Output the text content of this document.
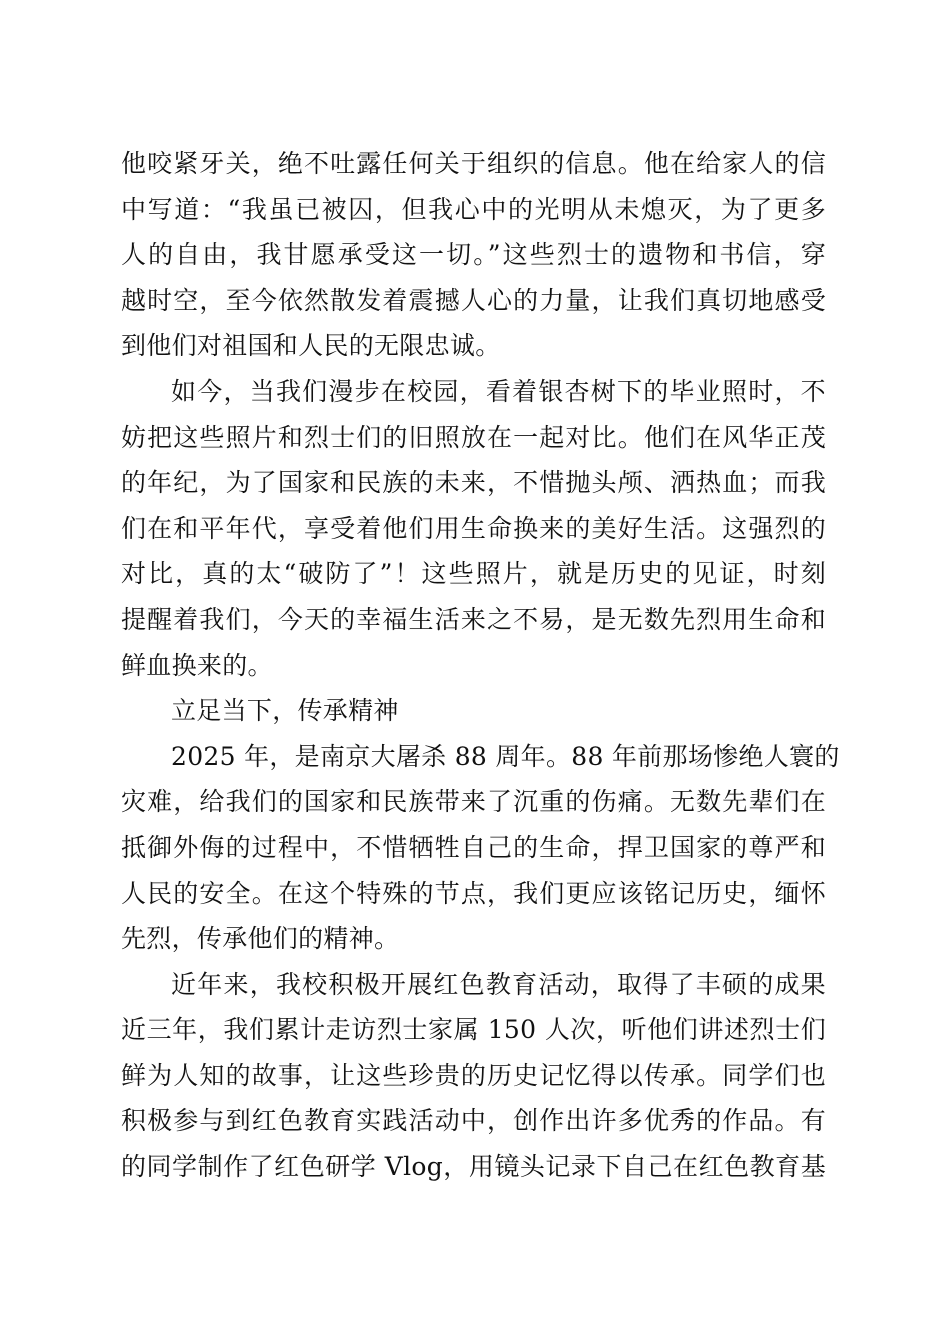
他咬紧牙关，绝不吐露任何关于组织的信息。他在给家人的信
中写道：“我虽已被囚，但我心中的光明从未熄灭，为了更多
人的自由，我甘愿承受这一切。”这些烈士的遗物和书信，穿
越时空，至今依然散发着震撼人心的力量，让我们真切地感受
到他们对祖国和人民的无限忠诚。

如今，当我们漫步在校园，看着银杏树下的毕业照时，不
妨把这些照片和烈士们的旧照放在一起对比。他们在风华正茂
的年纪，为了国家和民族的未来，不惜抛头颅、洒热血；而我
们在和平年代，享受着他们用生命换来的美好生活。这强烈的
对比，真的太“破防了”！这些照片，就是历史的见证，时刻
提醒着我们，今天的幸福生活来之不易，是无数先烈用生命和
鲜血换来的。

立足当下，传承精神

2025 年，是南京大屠杀 88 周年。88 年前那场惨绝人寰的
灾难，给我们的国家和民族带来了沉重的伤痛。无数先辈们在
抵御外侮的过程中，不惜牺牲自己的生命，捍卫国家的尊严和
人民的安全。在这个特殊的节点，我们更应该铭记历史，缅怀
先烈，传承他们的精神。

近年来，我校积极开展红色教育活动，取得了丰硕的成果
近三年，我们累计走访烈士家属 150 人次，听他们讲述烈士们
鲜为人知的故事，让这些珍贵的历史记忆得以传承。同学们也
积极参与到红色教育实践活动中，创作出许多优秀的作品。有
的同学制作了红色研学 Vlog，用镜头记录下自己在红色教育基
